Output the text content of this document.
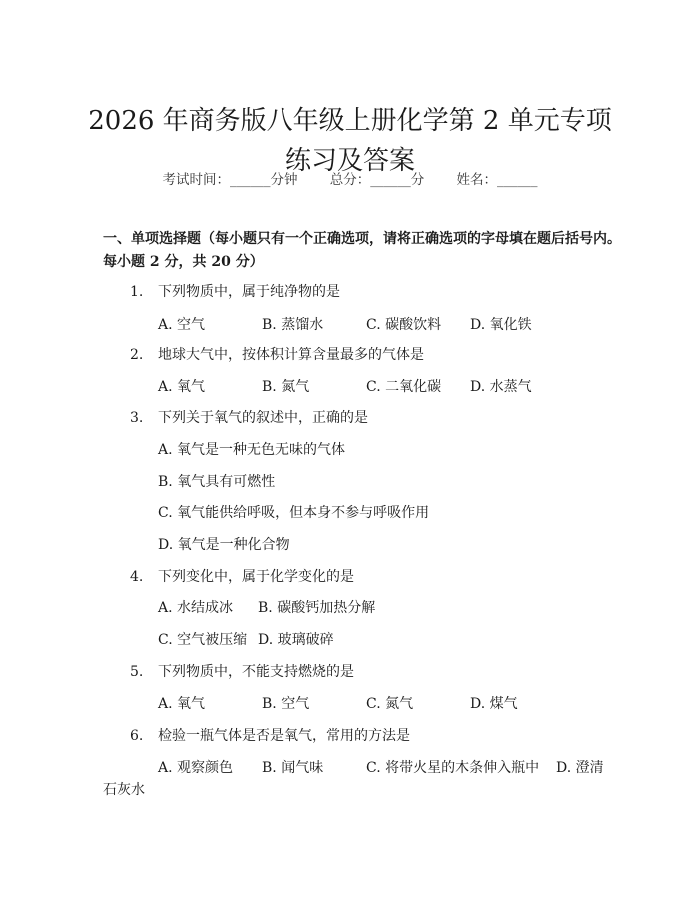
2026 年商务版八年级上册化学第 2 单元专项
练习及答案
考试时间：______分钟 总分：______分 姓名：______
一、单项选择题（每小题只有一个正确选项，请将正确选项的字母填在题后括号内。每小题 2 分，共 20 分）
1. 下列物质中，属于纯净物的是
A. 空气	B. 蒸馏水	C. 碳酸饮料 D. 氧化铁
2. 地球大气中，按体积计算含量最多的气体是
A. 氧气	B. 氮气	C. 二氧化碳 D. 水蒸气
3. 下列关于氧气的叙述中，正确的是
A. 氧气是一种无色无味的气体
B. 氧气具有可燃性
C. 氧气能供给呼吸，但本身不参与呼吸作用
D. 氧气是一种化合物
4. 下列变化中，属于化学变化的是
A. 水结成冰 B. 碳酸钙加热分解
C. 空气被压缩 D. 玻璃破碎
5. 下列物质中，不能支持燃烧的是
A. 氧气	B. 空气	C. 氮气	D. 煤气
6. 检验一瓶气体是否是氧气，常用的方法是
A. 观察颜色 B. 闻气味	C. 将带火星的木条伸入瓶中 D. 澄清
石灰水
